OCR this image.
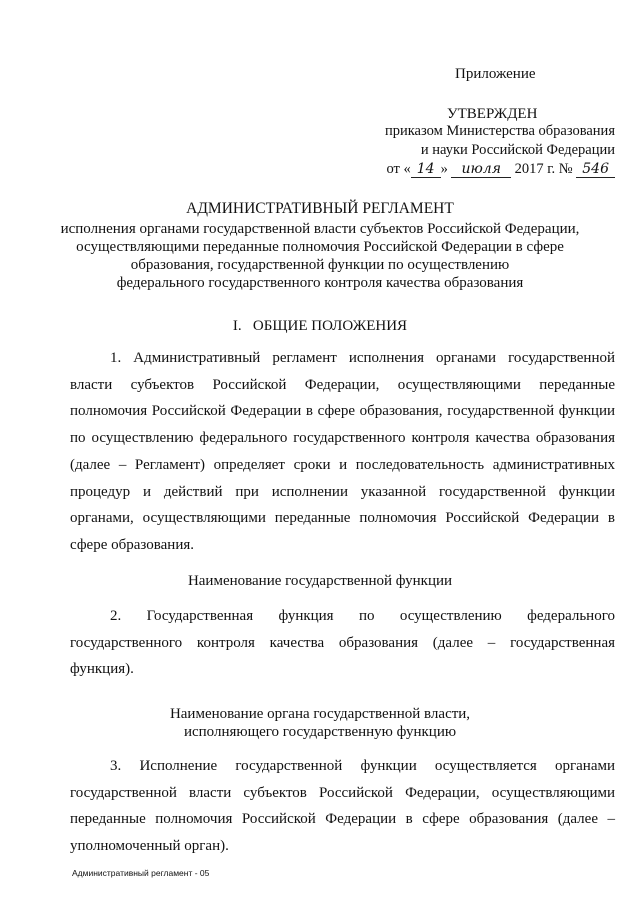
Приложение
УТВЕРЖДЕН
приказом Министерства образования
и науки Российской Федерации
от « 14 » июля 2017 г. № 546
АДМИНИСТРАТИВНЫЙ РЕГЛАМЕНТ
исполнения органами государственной власти субъектов Российской Федерации,
осуществляющими переданные полномочия Российской Федерации в сфере
образования, государственной функции по осуществлению
федерального государственного контроля качества образования
I.   ОБЩИЕ ПОЛОЖЕНИЯ

1. Административный регламент исполнения органами государственной власти субъектов Российской Федерации, осуществляющими переданные полномочия Российской Федерации в сфере образования, государственной функции по осуществлению федерального государственного контроля качества образования (далее – Регламент) определяет сроки и последовательность административных процедур и действий при исполнении указанной государственной функции органами, осуществляющими переданные полномочия Российской Федерации в сфере образования.

Наименование государственной функции

2. Государственная функция по осуществлению федерального государственного контроля качества образования (далее – государственная функция).

Наименование органа государственной власти,
исполняющего государственную функцию

3. Исполнение государственной функции осуществляется органами государственной власти субъектов Российской Федерации, осуществляющими переданные полномочия Российской Федерации в сфере образования (далее – уполномоченный орган).

Административный регламент - 05
